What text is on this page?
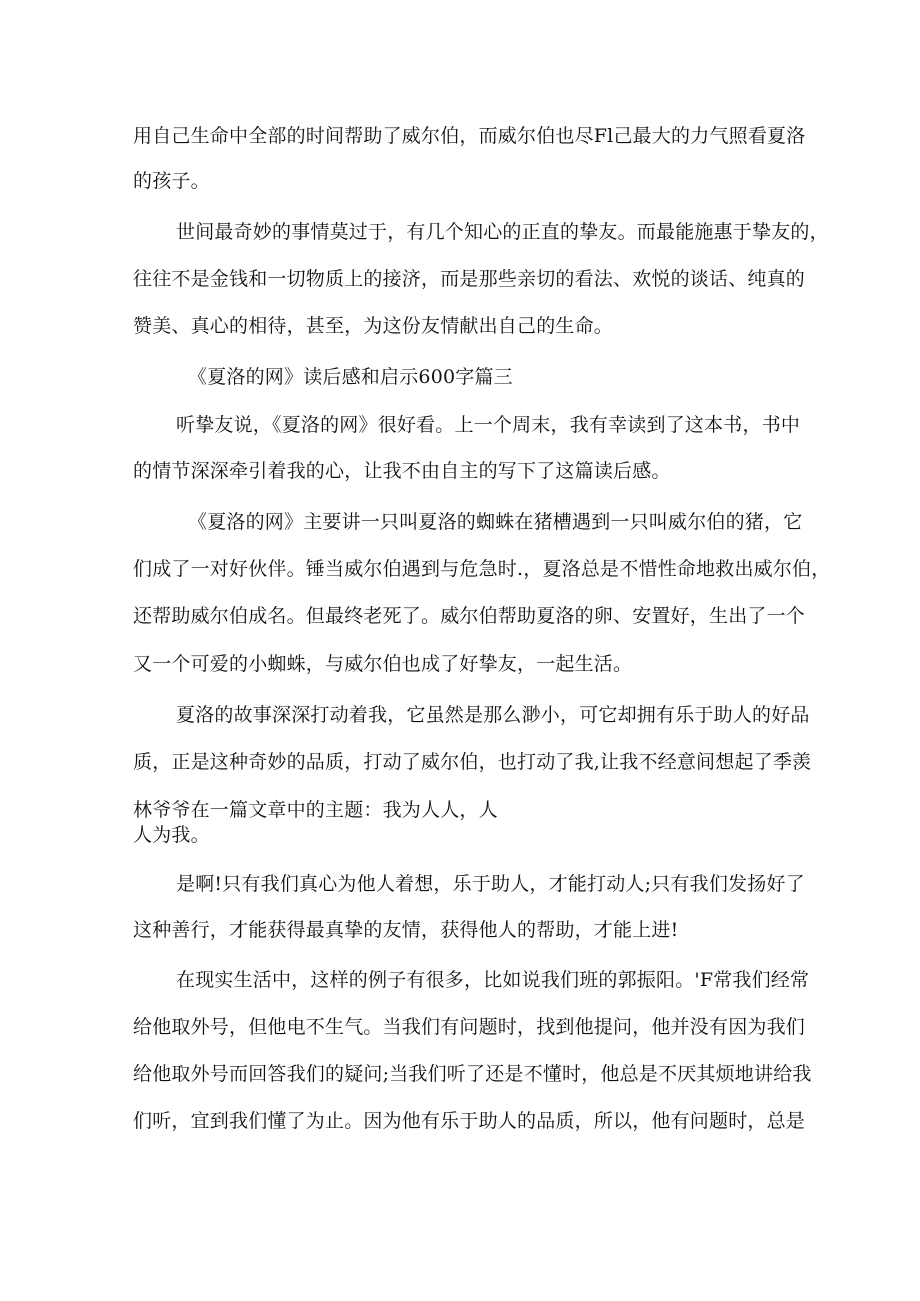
用自己生命中全部的时间帮助了威尔伯，而威尔伯也尽Fl己最大的力气照看夏洛
的孩子。
世间最奇妙的事情莫过于，有几个知心的正直的挚友。而最能施惠于挚友的，
往往不是金钱和一切物质上的接济，而是那些亲切的看法、欢悦的谈话、纯真的
赞美、真心的相待，甚至，为这份友情献出自己的生命。
《夏洛的网》读后感和启示600字篇三
听挚友说，《夏洛的网》很好看。上一个周末，我有幸读到了这本书，书中
的情节深深牵引着我的心，让我不由自主的写下了这篇读后感。
《夏洛的网》主要讲一只叫夏洛的蜘蛛在猪槽遇到一只叫威尔伯的猪，它
们成了一对好伙伴。锤当威尔伯遇到与危急时.，夏洛总是不惜性命地救出威尔伯，
还帮助威尔伯成名。但最终老死了。威尔伯帮助夏洛的卵、安置好，生出了一个
又一个可爱的小蜘蛛，与威尔伯也成了好挚友，一起生活。
夏洛的故事深深打动着我，它虽然是那么渺小，可它却拥有乐于助人的好品
质，正是这种奇妙的品质，打动了威尔伯，也打动了我,让我不经意间想起了季羡
林爷爷在一篇文章中的主题：我为人人，人
人为我。
是啊!只有我们真心为他人着想，乐于助人，才能打动人;只有我们发扬好了
这种善行，才能获得最真挚的友情，获得他人的帮助，才能上进!
在现实生活中，这样的例子有很多，比如说我们班的郭振阳。'F常我们经常
给他取外号，但他电不生气。当我们有问题时，找到他提问，他并没有因为我们
给他取外号而回答我们的疑问;当我们听了还是不懂时，他总是不厌其烦地讲给我
们听，宜到我们懂了为止。因为他有乐于助人的品质，所以，他有问题时，总是
